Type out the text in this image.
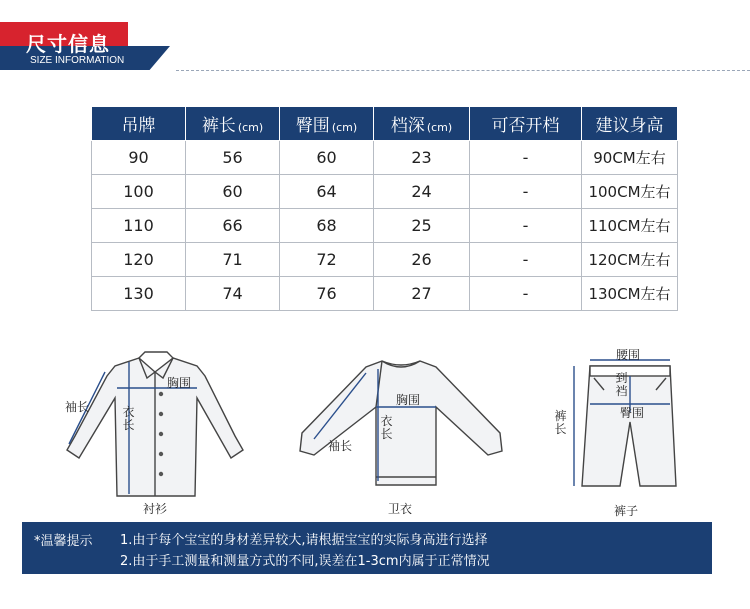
尺寸信息
SIZE INFORMATION
吊牌	裤长 (cm)	臀围 (cm)	档深 (cm)	可否开档	建议身高
90	56	60	23	-	90CM左右
100	60	64	24	-	100CM左右
110	66	68	25	-	110CM左右
120	71	72	26	-	120CM左右
130	74	76	27	-	130CM左右
胸围
衣长
袖长
衬衫
胸围
衣长
袖长
卫衣
腰围
到裆
臀围
裤长
裤子
*温馨提示 1.由于每个宝宝的身材差异较大,请根据宝宝的实际身高进行选择
2.由于手工测量和测量方式的不同,误差在1-3cm内属于正常情况
